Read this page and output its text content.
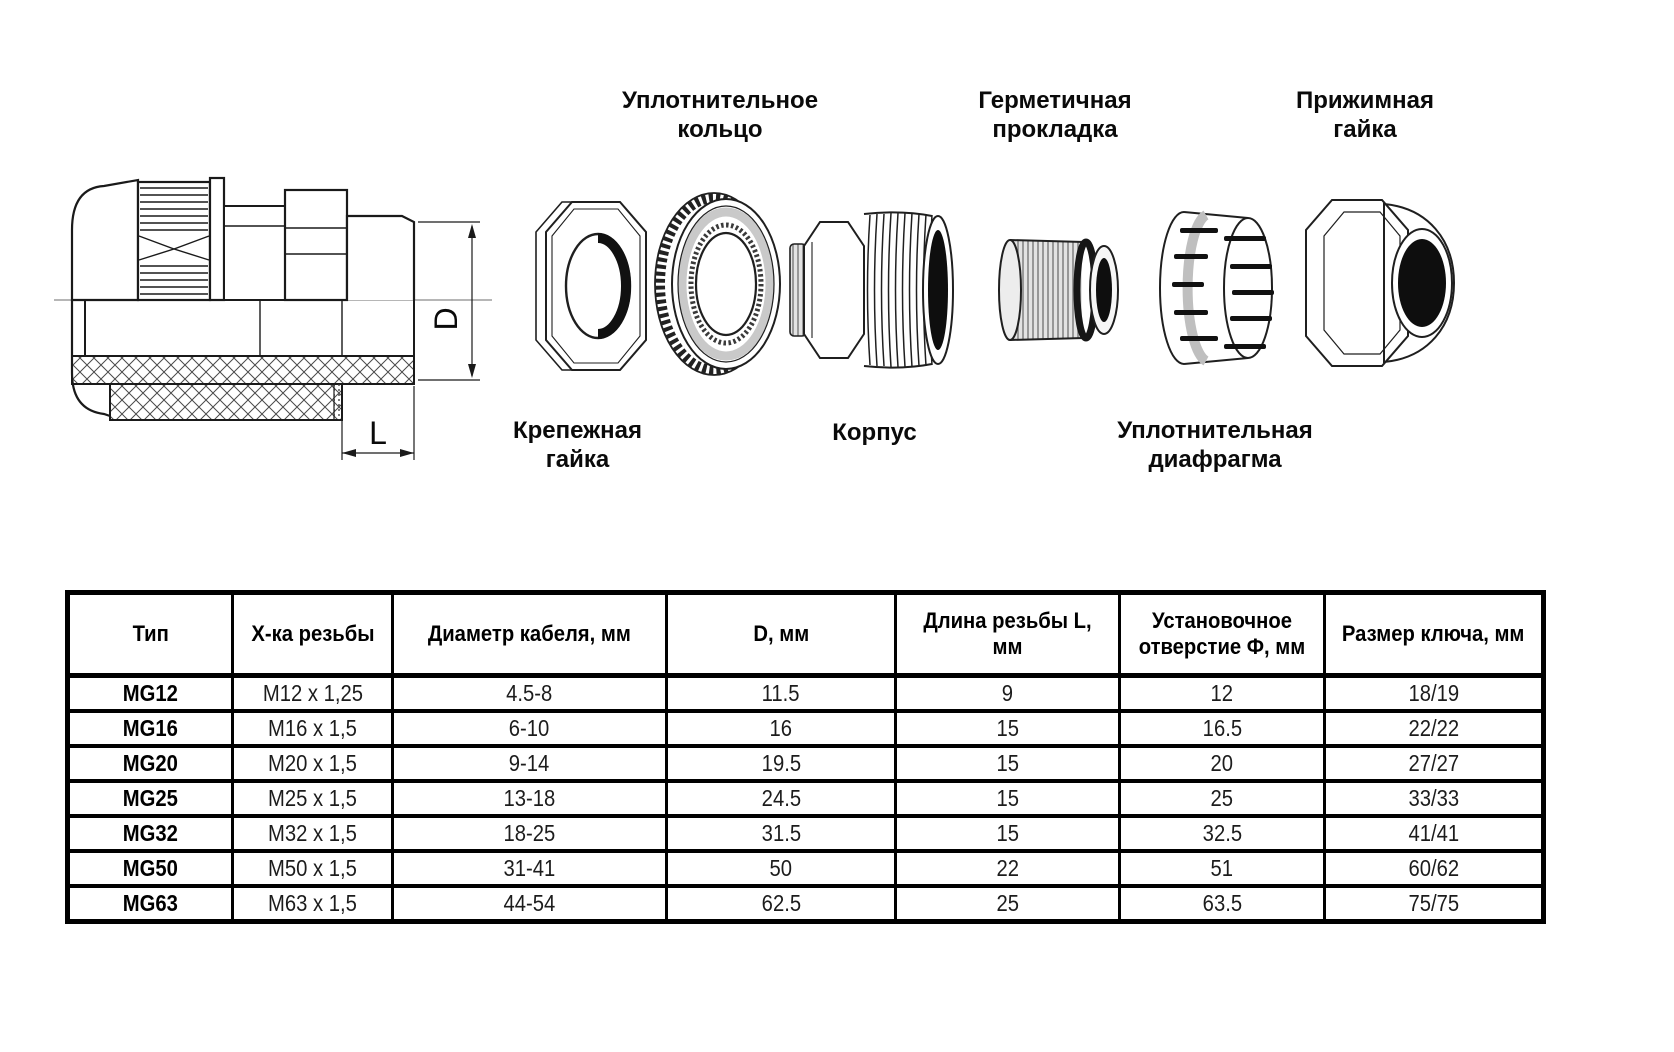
D
L
Уплотнительное кольцо
Герметичная прокладка
Прижимная гайка
Крепежная гайка
Корпус	Уплотнительная диафрагма
Тип	Х-ка резьбы	Диаметр кабеля, мм	D, мм	Длина резьбы L, мм	Установочное отверстие Ф, мм	Размер ключа, мм
MG12	M12 x 1,25	4.5-8	11.5	9	12	18/19
MG16	M16 x 1,5	6-10	16	15	16.5	22/22
MG20	M20 x 1,5	9-14	19.5	15	20	27/27
MG25	M25 x 1,5	13-18	24.5	15	25	33/33
MG32	M32 x 1,5	18-25	31.5	15	32.5	41/41
MG50	M50 x 1,5	31-41	50	22	51	60/62
MG63	M63 x 1,5	44-54	62.5	25	63.5	75/75
